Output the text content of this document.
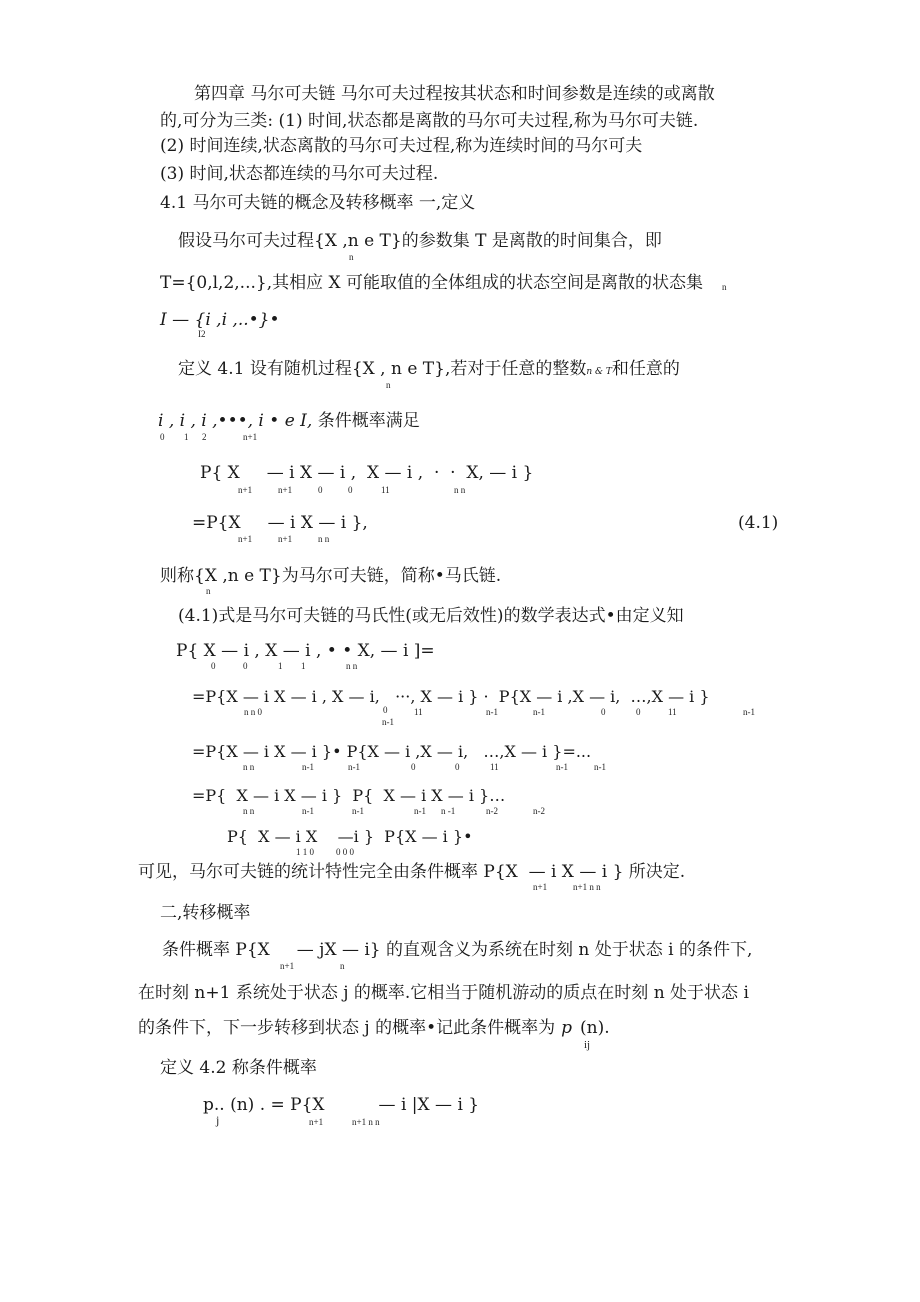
第四章 马尔可夫链 马尔可夫过程按其状态和时间参数是连续的或离散
的,可分为三类: (1) 时间,状态都是离散的马尔可夫过程,称为马尔可夫链.
(2) 时间连续,状态离散的马尔可夫过程,称为连续时间的马尔可夫
(3) 时间,状态都连续的马尔可夫过程.
4.1 马尔可夫链的概念及转移概率 一,定义
假设马尔可夫过程{X ,n e T}的参数集 T 是离散的时间集合，即
n
T={0,l,2,...},其相应 X 可能取值的全体组成的状态空间是离散的状态集 n
I — {i ,i ,..•}•
I2
定义 4.1 设有随机过程{X , n e T},若对于任意的整数n & T和任意的
n
i , i , i ,•••, i • e I, 条件概率满足
0 1 2	n+1
P{ X     — i X — i ,  X — i ,  ·  ·  X, — i }
n+1	n+1	0	0	11	n n
=P{X     — i X — i },
n+1	n+1	n n
(4.1)
则称{X ,n e T}为马尔可夫链，简称•马氏链.
n
(4.1)式是马尔可夫链的马氏性(或无后效性)的数学表达式•由定义知
P{ X — i , X — i , • • X, — i ]=
0	0	1 1	n n
=P{X — i X — i , X — i,   ···, X — i } ·  P{X — i ,X — i,  …,X — i }
n n 0	0	11
n-1
n-1	n-1	0	0	11	n-1
=P{X — i X — i }• P{X — i ,X — i,   …,X — i }=...
n n	n-1	n-1	0	0	11	n-1	n-1
=P{  X — i X — i }  P{  X — i X — i }…
n n	n-1	n-1	n-1 n -1	n-2	n-2
P{  X — i X    —i }  P{X — i }•
1 1 0 0 0 0
可见，马尔可夫链的统计特性完全由条件概率 P{X  — i X — i } 所决定.
n+1	n+1 n n
二,转移概率
条件概率 P{X     — jX — i} 的直观含义为系统在时刻 n 处于状态 i 的条件下,
n+1	n
在时刻 n+1 系统处于状态 j 的概率.它相当于随机游动的质点在时刻 n 处于状态 i
的条件下，下一步转移到状态 j 的概率•记此条件概率为 p (n).
ij
定义 4.2 称条件概率
p.. (n) . = P{X          — i |X — i }
j	n+1	n+1 n n
